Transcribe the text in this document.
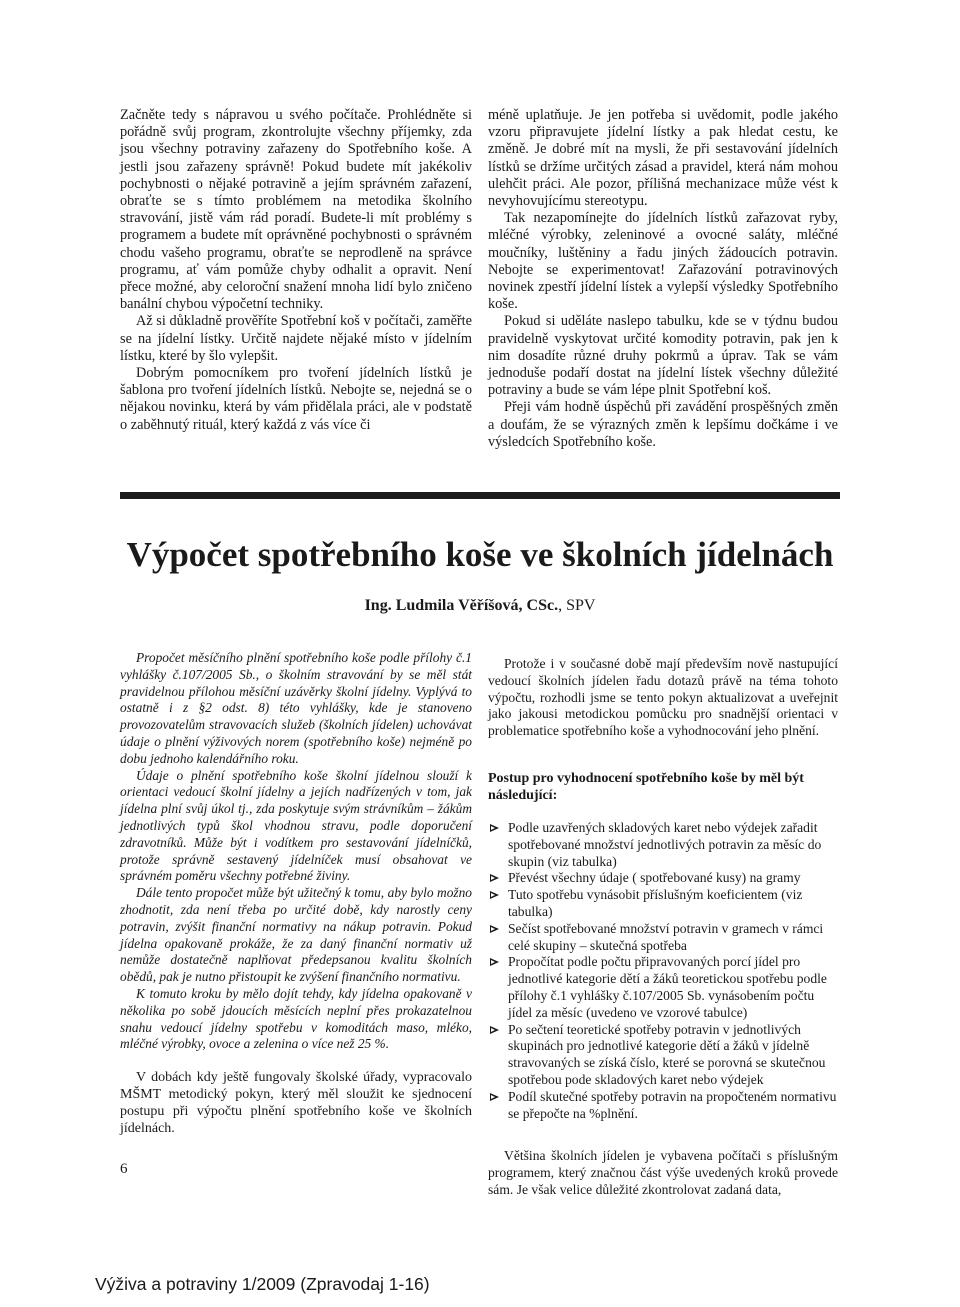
Začněte tedy s nápravou u svého počítače. Prohlédněte si pořádně svůj program, zkontrolujte všechny příjemky, zda jsou všechny potraviny zařazeny do Spotřebního koše. A jestli jsou zařazeny správně! Pokud budete mít jakékoliv pochybnosti o nějaké potravině a jejím správném zařazení, obraťte se s tímto problémem na metodika školního stravování, jistě vám rád poradí. Budete-li mít problémy s programem a budete mít oprávněné pochybnosti o správném chodu vašeho programu, obraťte se neprodleně na správce programu, ať vám pomůže chyby odhalit a opravit. Není přece možné, aby celoroční snažení mnoha lidí bylo zničeno banální chybou výpočetní techniky.

Až si důkladně prověříte Spotřební koš v počítači, zaměřte se na jídelní lístky. Určitě najdete nějaké místo v jídelním lístku, které by šlo vylepšit.

Dobrým pomocníkem pro tvoření jídelních lístků je šablona pro tvoření jídelních lístků. Nebojte se, nejedná se o nějakou novinku, která by vám přidělala práci, ale v podstatě o zaběhnutý rituál, který každá z vás více či

méně uplatňuje. Je jen potřeba si uvědomit, podle jakého vzoru připravujete jídelní lístky a pak hledat cestu, ke změně. Je dobré mít na mysli, že při sestavování jídelních lístků se držíme určitých zásad a pravidel, která nám mohou ulehčit práci. Ale pozor, přílišná mechanizace může vést k nevyhovujícímu stereotypu.

Tak nezapomínejte do jídelních lístků zařazovat ryby, mléčné výrobky, zeleninové a ovocné saláty, mléčné moučníky, luštěniny a řadu jiných žádoucích potravin. Nebojte se experimentovat! Zařazování potravinových novinek zpestří jídelní lístek a vylepší výsledky Spotřebního koše.

Pokud si uděláte naslepo tabulku, kde se v týdnu budou pravidelně vyskytovat určité komodity potravin, pak jen k nim dosadíte různé druhy pokrmů a úprav. Tak se vám jednoduše podaří dostat na jídelní lístek všechny důležité potraviny a bude se vám lépe plnit Spotřební koš.

Přeji vám hodně úspěchů při zavádění prospěšných změn a doufám, že se výrazných změn k lepšímu dočkáme i ve výsledcích Spotřebního koše.

Výpočet spotřebního koše ve školních jídelnách
Ing. Ludmila Věříšová, CSc., SPV

Propočet měsíčního plnění spotřebního koše podle přílohy č.1 vyhlášky č.107/2005 Sb., o školním stravování by se měl stát pravidelnou přílohou měsíční uzávěrky školní jídelny. Vyplývá to ostatně i z §2 odst. 8) této vyhlášky, kde je stanoveno provozovatelům stravovacích služeb (školních jídelen) uchovávat údaje o plnění výživových norem (spotřebního koše) nejméně po dobu jednoho kalendářního roku.

Údaje o plnění spotřebního koše školní jídelnou slouží k orientaci vedoucí školní jídelny a jejích nadřízených v tom, jak jídelna plní svůj úkol tj., zda poskytuje svým strávníkům – žákům jednotlivých typů škol vhodnou stravu, podle doporučení zdravotníků. Může být i vodítkem pro sestavování jídelníčků, protože správně sestavený jídelníček musí obsahovat ve správném poměru všechny potřebné živiny.

Dále tento propočet může být užitečný k tomu, aby bylo možno zhodnotit, zda není třeba po určité době, kdy narostly ceny potravin, zvýšit finanční normativy na nákup potravin. Pokud jídelna opakovaně prokáže, že za daný finanční normativ už nemůže dostatečně naplňovat předepsanou kvalitu školních obědů, pak je nutno přistoupit ke zvýšení finančního normativu.

K tomuto kroku by mělo dojít tehdy, kdy jídelna opakovaně v několika po sobě jdoucích měsících neplní přes prokazatelnou snahu vedoucí jídelny spotřebu v komoditách maso, mléko, mléčné výrobky, ovoce a zelenina o více než 25 %.

V dobách kdy ještě fungovaly školské úřady, vypracovalo MŠMT metodický pokyn, který měl sloužit ke sjednocení postupu při výpočtu plnění spotřebního koše ve školních jídelnách.

Protože i v současné době mají především nově nastupující vedoucí školních jídelen řadu dotazů právě na téma tohoto výpočtu, rozhodli jsme se tento pokyn aktualizovat a uveřejnit jako jakousi metodickou pomůcku pro snadnější orientaci v problematice spotřebního koše a vyhodnocování jeho plnění.

Postup pro vyhodnocení spotřebního koše by měl být následující:
Podle uzavřených skladových karet nebo výdejek zařadit spotřebované množství jednotlivých potravin za měsíc do skupin (viz tabulka)
Převést všechny údaje ( spotřebované kusy) na gramy
Tuto spotřebu vynásobit příslušným koeficientem (viz tabulka)
Sečíst spotřebované množství potravin v gramech v rámci celé skupiny – skutečná spotřeba
Propočítat podle počtu připravovaných porcí jídel pro jednotlivé kategorie dětí a žáků teoretickou spotřebu podle přílohy č.1 vyhlášky č.107/2005 Sb. vynásobením počtu jídel za měsíc (uvedeno ve vzorové tabulce)
Po sečtení teoretické spotřeby potravin v jednotlivých skupinách pro jednotlivé kategorie dětí a žáků v jídelně stravovaných se získá číslo, které se porovná se skutečnou spotřebou pode skladových karet nebo výdejek
Podíl skutečné spotřeby potravin na propočteném normativu se přepočte na %plnění.

Většina školních jídelen je vybavena počítači s příslušným programem, který značnou část výše uvedených kroků provede sám. Je však velice důležité zkontrolovat zadaná data,

6
Výživa a potraviny 1/2009 (Zpravodaj 1-16)
